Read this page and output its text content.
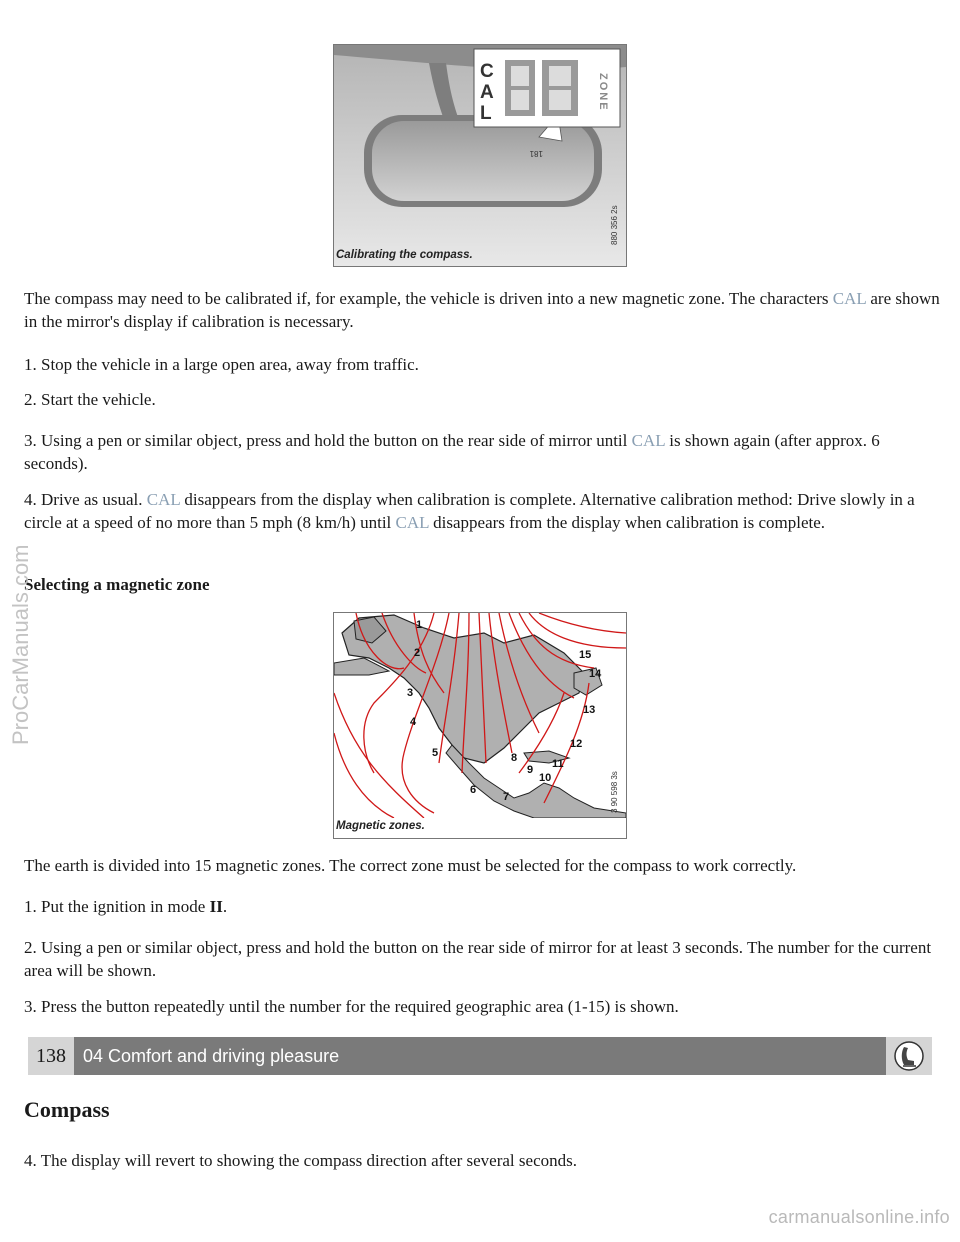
181
C
A
L
ZONE
880 356 2s
Calibrating the compass.

The compass may need to be calibrated if, for example, the vehicle is driven into a new magnetic zone. The characters CAL are shown in the mirror's display if calibration is necessary.

1. Stop the vehicle in a large open area, away from traffic.

2. Start the vehicle.

3. Using a pen or similar object, press and hold the button on the rear side of mirror until CAL is shown again (after approx. 6 seconds).

4. Drive as usual. CAL disappears from the display when calibration is complete. Alternative calibration method: Drive slowly in a circle at a speed of no more than 5 mph (8 km/h) until CAL disappears from the display when calibration is complete.

Selecting a magnetic zone

1
2
3
4
5
6
7
8
9
10
11
12
13
14
15
3 90 598 3s
Magnetic zones.

The earth is divided into 15 magnetic zones. The correct zone must be selected for the compass to work correctly.

1. Put the ignition in mode II.

2. Using a pen or similar object, press and hold the button on the rear side of mirror for at least 3 seconds. The number for the current area will be shown.

3. Press the button repeatedly until the number for the required geographic area (1-15) is shown.

138 04 Comfort and driving pleasure
Compass

4. The display will revert to showing the compass direction after several seconds.

ProCarManuals.com
carmanualsonline.info
